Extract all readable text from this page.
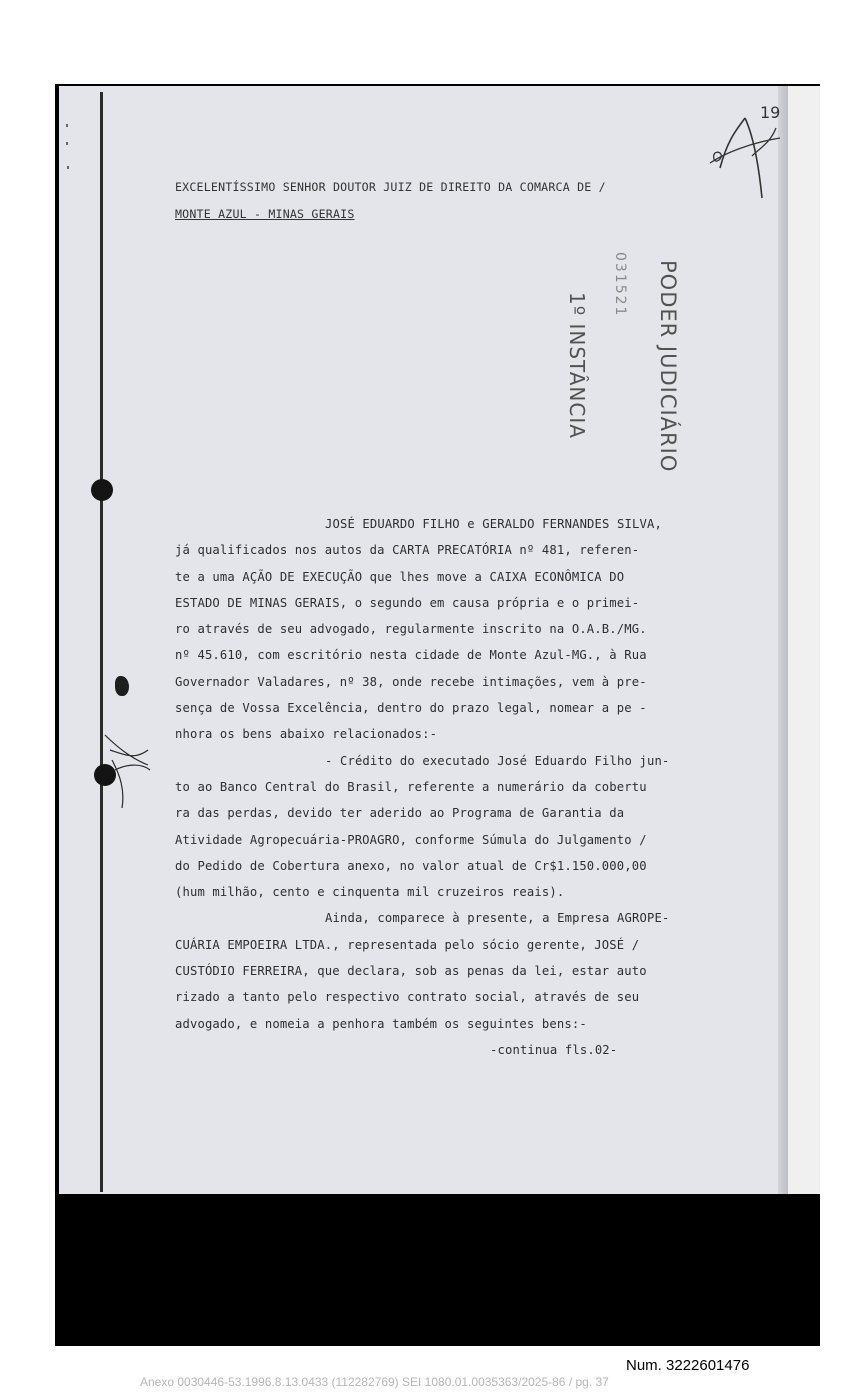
19
EXCELENTÍSSIMO SENHOR DOUTOR JUIZ DE DIREITO DA COMARCA DE /
MONTE AZUL - MINAS GERAIS
PODER JUDICIÁRIO
031521
1º INSTÂNCIA
JOSÉ EDUARDO FILHO e GERALDO FERNANDES SILVA,
já qualificados nos autos da CARTA PRECATÓRIA nº 481, referen-
te a uma AÇÃO DE EXECUÇÃO que lhes move a CAIXA ECONÔMICA DO
ESTADO DE MINAS GERAIS, o segundo em causa própria e o primei-
ro através de seu advogado, regularmente inscrito na O.A.B./MG.
nº 45.610, com escritório nesta cidade de Monte Azul-MG., à Rua
Governador Valadares, nº 38, onde recebe intimações, vem à pre-
sença de Vossa Excelência, dentro do prazo legal, nomear a pe -
nhora os bens abaixo relacionados:-
- Crédito do executado José Eduardo Filho jun-
to ao Banco Central do Brasil, referente a numerário da cobertu
ra das perdas, devido ter aderido ao Programa de Garantia da
Atividade Agropecuária-PROAGRO, conforme Súmula do Julgamento /
do Pedido de Cobertura anexo, no valor atual de Cr$1.150.000,00
(hum milhão, cento e cinquenta mil cruzeiros reais).
Ainda, comparece à presente, a Empresa AGROPE-
CUÁRIA EMPOEIRA LTDA., representada pelo sócio gerente, JOSÉ /
CUSTÓDIO FERREIRA, que declara, sob as penas da lei, estar auto
rizado a tanto pelo respectivo contrato social, através de seu
advogado, e nomeia a penhora também os seguintes bens:-
-continua fls.02-
Num. 3222601476
Anexo 0030446-53.1996.8.13.0433 (112282769) SEI 1080.01.0035363/2025-86 / pg. 37
